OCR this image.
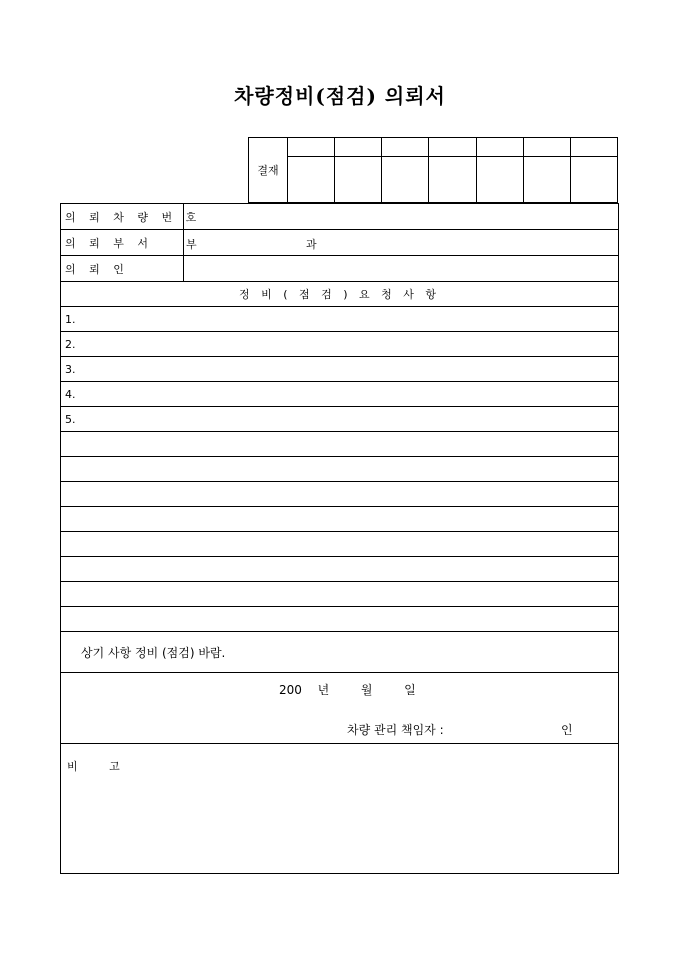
차량정비(점검) 의뢰서
결재							

의 뢰 차 량 번 호	
의 뢰 부 서	부 과

의 뢰 인	
정 비 ( 점 검 ) 요 청 사 항	
1.	
2.	
3.	
4.	
5.	

상기 사항 정비 (점검) 바람.	

200 년 월 일
차량 관리 책임자 : 인	

비         고	
